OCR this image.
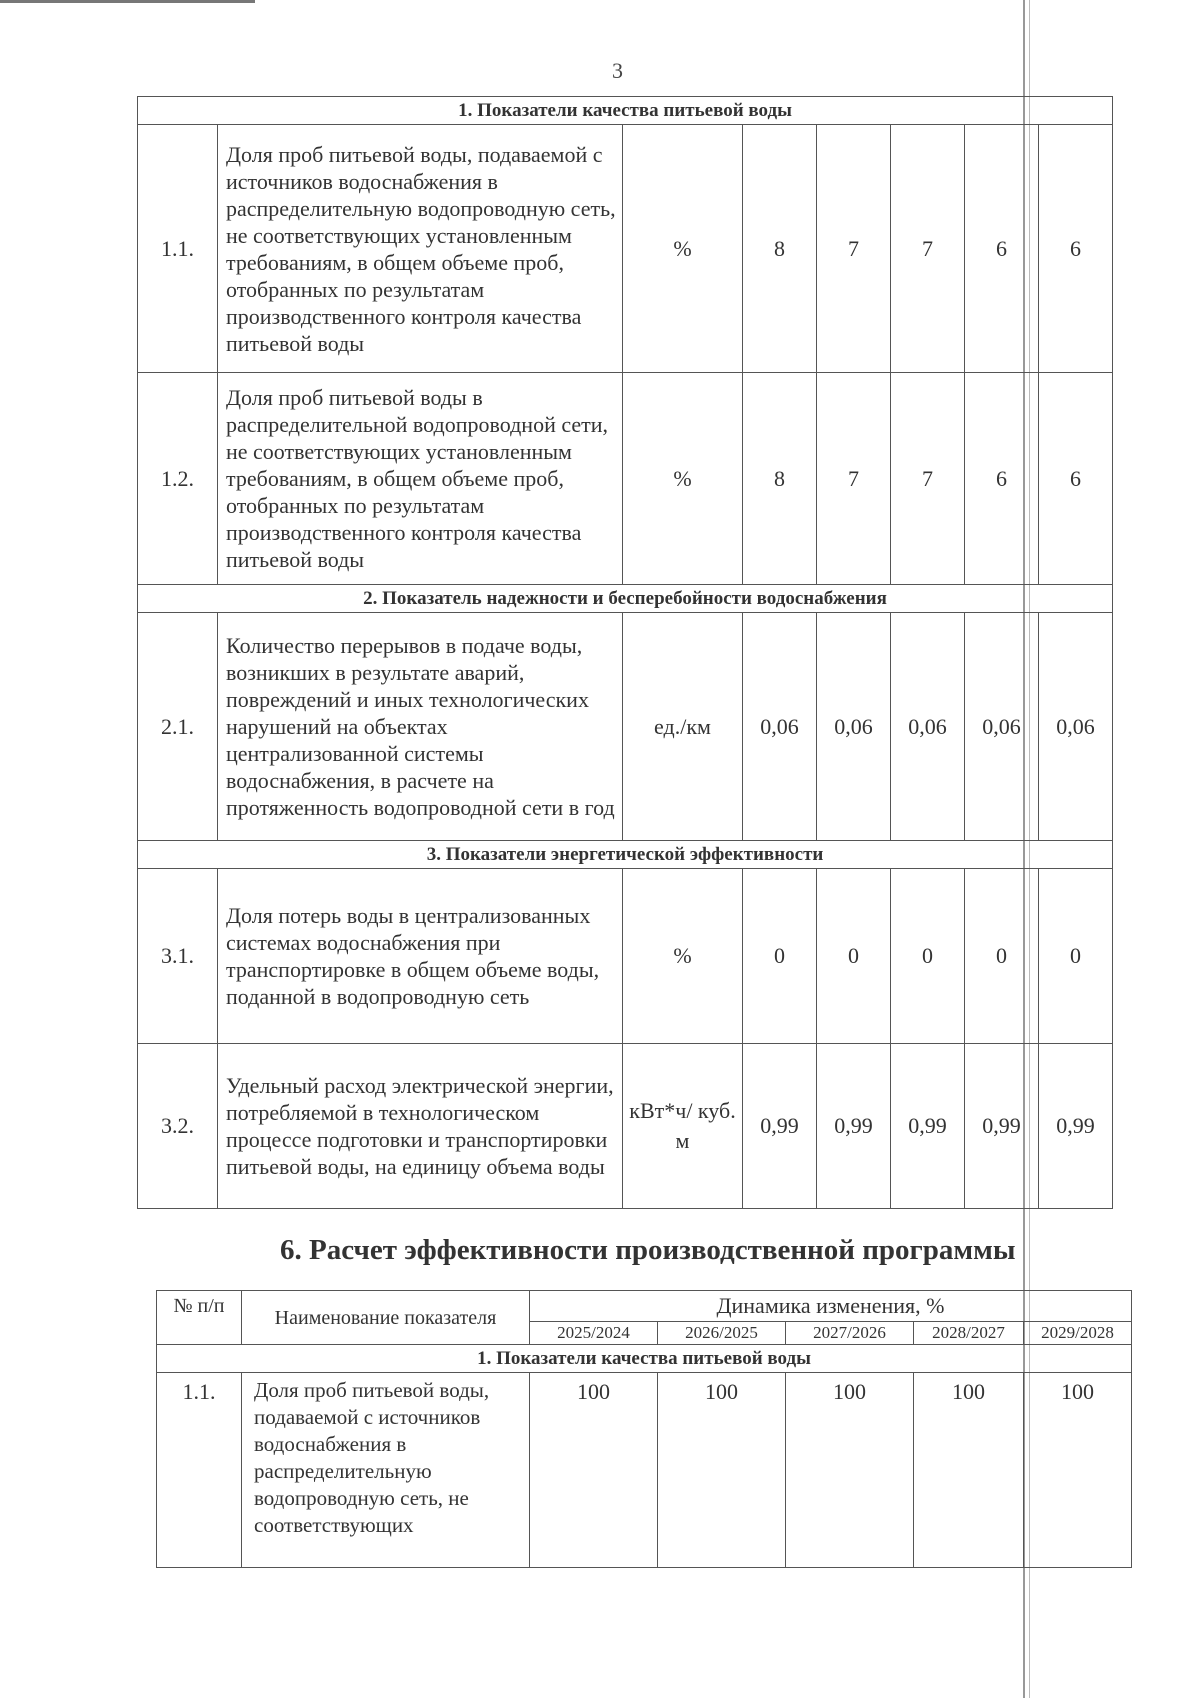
3
1. Показатели качества питьевой воды							
1.1.	Доля проб питьевой воды, подаваемой с источников водоснабжения в распределительную водопроводную сеть, не соответствующих установленным требованиям, в общем объеме проб, отобранных по результатам производственного контроля качества питьевой воды	%	8	7	7	6	6
1.2.	Доля проб питьевой воды в распределительной водопроводной сети, не соответствующих установленным требованиям, в общем объеме проб, отобранных по результатам производственного контроля качества питьевой воды	%	8	7	7	6	6
2. Показатель надежности и бесперебойности водоснабжения							
2.1.	Количество перерывов в подаче воды, возникших в результате аварий, повреждений и иных технологических нарушений на объектах централизованной системы водоснабжения, в расчете на протяженность водопроводной сети в год	ед./км	0,06	0,06	0,06	0,06	0,06
3. Показатели энергетической эффективности							
3.1.	Доля потерь воды в централизованных системах водоснабжения при транспортировке в общем объеме воды, поданной в водопроводную сеть	%	0	0	0	0	0
3.2.	Удельный расход электрической энергии, потребляемой в технологическом процессе подготовки и транспортировки питьевой воды, на единицу объема воды	кВт*ч/ куб. м	0,99	0,99	0,99	0,99	0,99
6. Расчет эффективности производственной программы
№ п/п	Наименование показателя	Динамика изменения, %				
		2025/2024	2026/2025	2027/2026	2028/2027	2029/2028
1. Показатели качества питьевой воды						
1.1.	Доля проб питьевой воды, подаваемой с источников водоснабжения в распределительную водопроводную сеть, не соответствующих	100	100	100	100	100
